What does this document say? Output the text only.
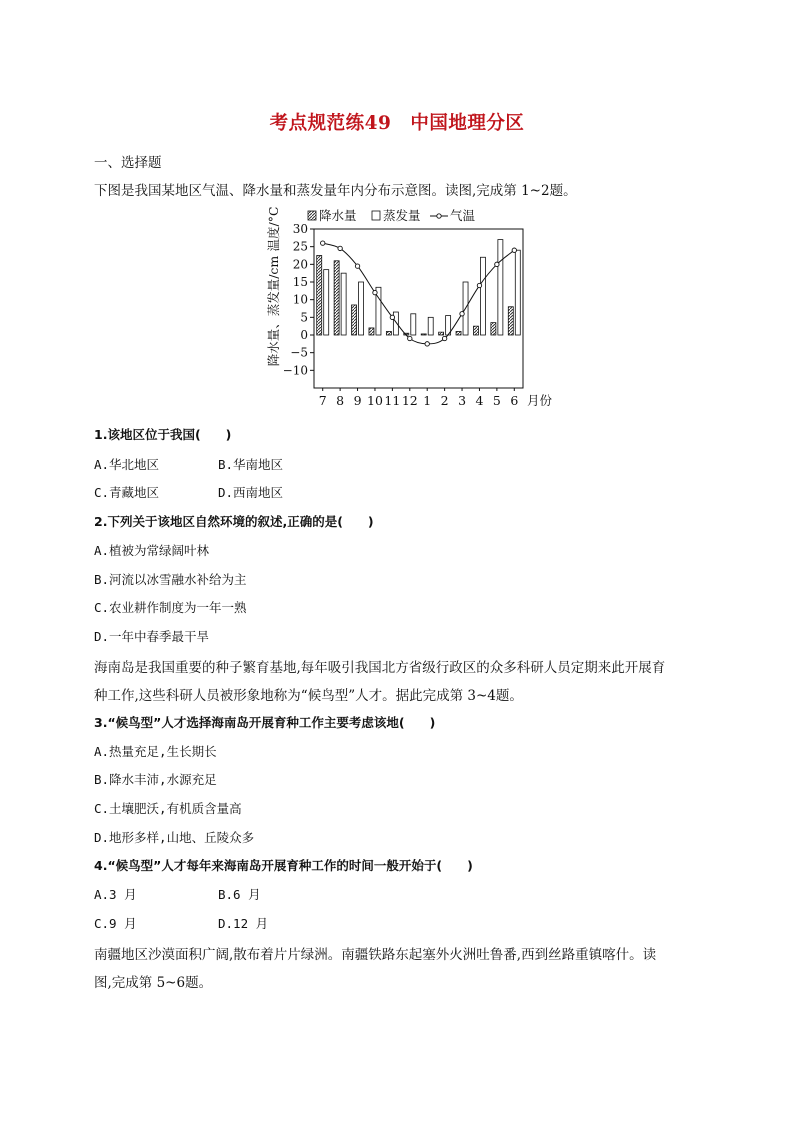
考点规范练49　中国地理分区
一、选择题
下图是我国某地区气温、降水量和蒸发量年内分布示意图。读图,完成第 1~2题。
降水量 蒸发量 气温
降水量、蒸发量/cm
温度/°C 30
25
20
15
10
5
0
−5
−10
7 8 9 10 11 12 1 2 3 4 5 6 月份
1.该地区位于我国(　　)
A.华北地区	B.华南地区
C.青藏地区	D.西南地区
2.下列关于该地区自然环境的叙述,正确的是(　　)
A.植被为常绿阔叶林
B.河流以冰雪融水补给为主
C.农业耕作制度为一年一熟
D.一年中春季最干旱
海南岛是我国重要的种子繁育基地,每年吸引我国北方省级行政区的众多科研人员定期来此开展育
种工作,这些科研人员被形象地称为“候鸟型”人才。据此完成第 3~4题。
3.“候鸟型”人才选择海南岛开展育种工作主要考虑该地(　　)
A.热量充足,生长期长
B.降水丰沛,水源充足
C.土壤肥沃,有机质含量高
D.地形多样,山地、丘陵众多
4.“候鸟型”人才每年来海南岛开展育种工作的时间一般开始于(　　)
A.3 月	B.6 月
C.9 月	D.12 月
南疆地区沙漠面积广阔,散布着片片绿洲。南疆铁路东起塞外火洲吐鲁番,西到丝路重镇喀什。读
图,完成第 5~6题。
